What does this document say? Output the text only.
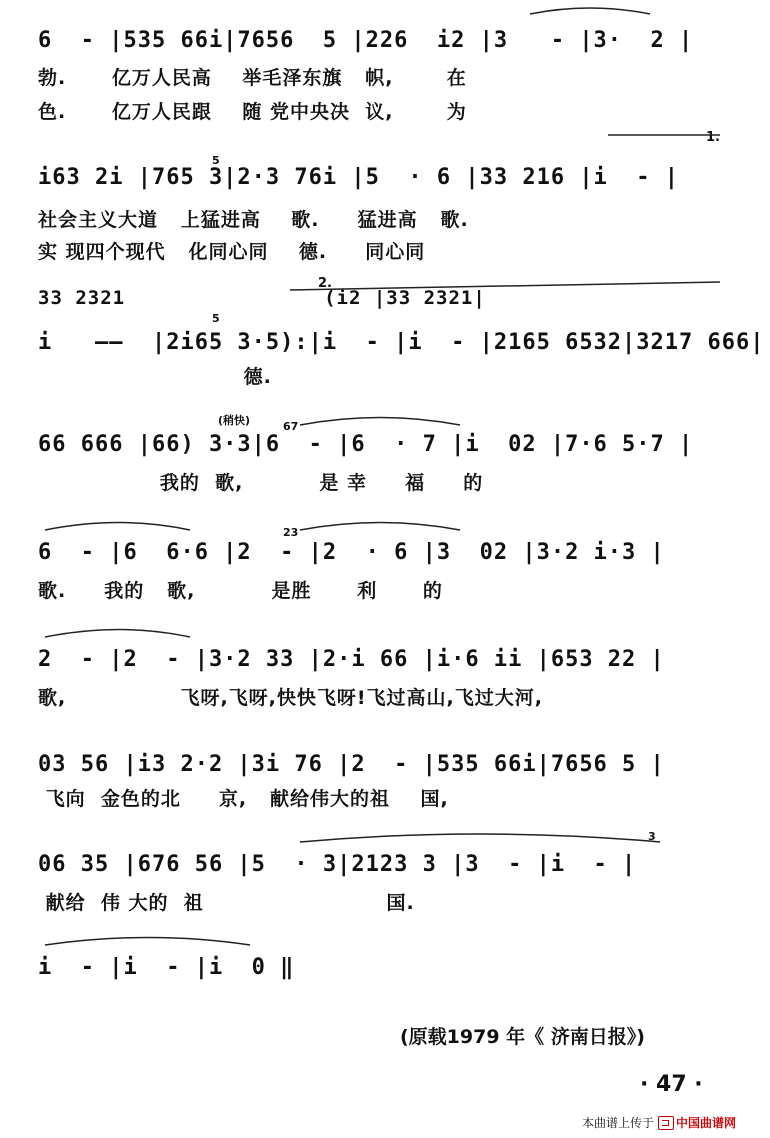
6  - |535 66i|7656  5 |226  i2 |3   - |3·  2 |
勃.      亿万人民高    举毛泽东旗   帜,       在
色.      亿万人民跟    随 党中央决  议,       为
i63 2i |765 3|2·3 76i |5  · 6 |33 216 |i  - |
5
1.
社会主义大道   上猛进高    歌.     猛进高   歌.
实 现四个现代   化同心同    德.     同心同
33 2321                (i2 |33 2321|
i   ——  |2i65 3·5):|i  - |i  - |2165 6532|3217 666|
5
2.
德.
66 666 |66) 3·3|6  - |6  · 7 |i  02 |7·6 5·7 |
(稍快)	67
我的  歌,          是 幸     福     的
6  - |6  6·6 |2  - |2  · 6 |3  02 |3·2 i·3 |
23
歌.     我的   歌,          是胜      利      的
2  - |2  - |3·2 33 |2·i 66 |i·6 ii |653 22 |
歌,               飞呀,飞呀,快快飞呀!飞过高山,飞过大河,
03 56 |i3 2·2 |3i 76 |2  - |535 66i|7656 5 |
飞向  金色的北     京,   献给伟大的祖    国,
06 35 |676 56 |5  · 3|2123 3 |3  - |i  - |
3
献给  伟 大的  祖                        国.
i  - |i  - |i  0 ‖
(原载1979 年《 济南日报》)
· 47 ·
本曲谱上传于 中国曲谱网
